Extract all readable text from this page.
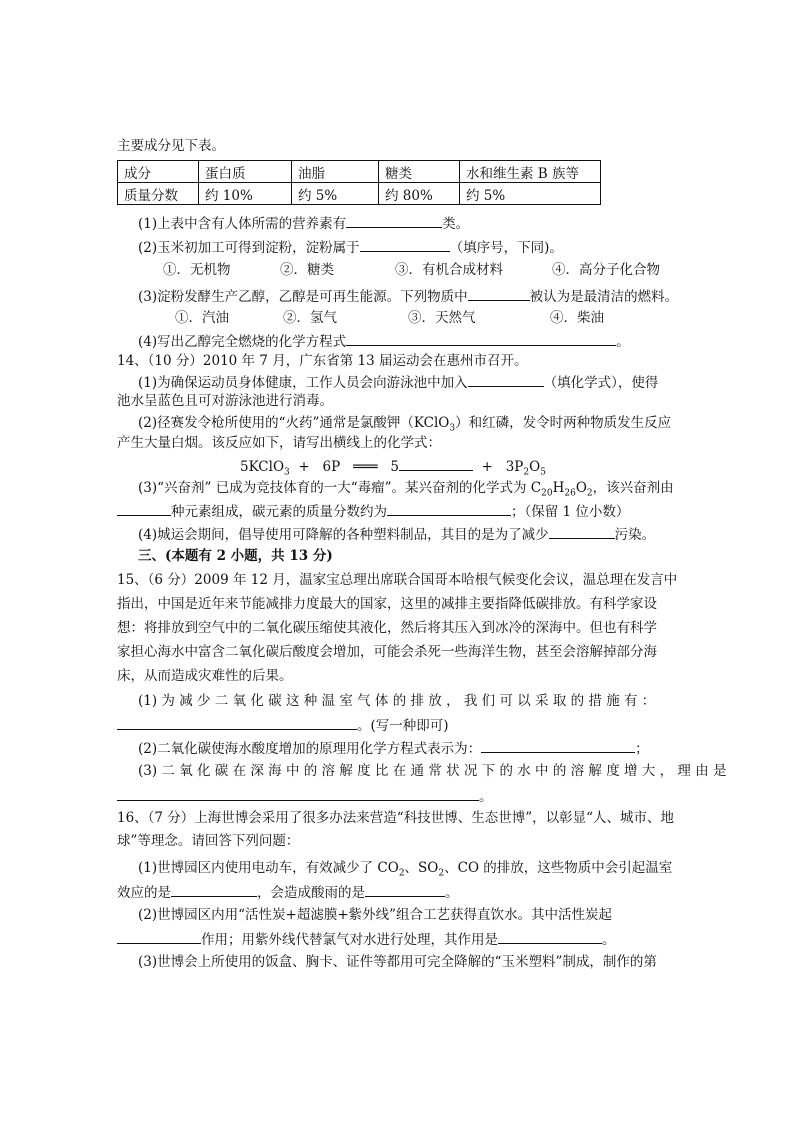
主要成分见下表。
成分	蛋白质	油脂	糖类	水和维生素 B 族等
质量分数	约 10%	约 5%	约 80%	约 5%
(1)上表中含有人体所需的营养素有	类。
(2)玉米初加工可得到淀粉，淀粉属于	（填序号，下同)。
①．无机物	②．糖类	③．有机合成材料	④．高分子化合物
(3)淀粉发酵生产乙醇，乙醇是可再生能源。下列物质中	被认为是最清洁的燃料。
①．汽油	②．氢气	③．天然气	④．柴油
(4)写出乙醇完全燃烧的化学方程式	。
14、（10 分）2010 年 7 月，广东省第 13 届运动会在惠州市召开。
(1)为确保运动员身体健康，工作人员会向游泳池中加入	（填化学式），使得
池水呈蓝色且可对游泳池进行消毒。
(2)径赛发令枪所使用的“火药”通常是氯酸钾（KClO$_3$）和红磷，发令时两种物质发生反应
产生大量白烟。该反应如下，请写出横线上的化学式：
5KClO$_3$  +   6P   ═══   5	+   $3P_2O_5$
(3)“兴奋剂” 已成为竞技体育的一大“毒瘤”。某兴奋剂的化学式为 $C_{20}H_{26}O_2$，该兴奋剂由
种元素组成，碳元素的质量分数约为	；（保留 1 位小数）
(4)城运会期间，倡导使用可降解的各种塑料制品，其目的是为了减少	污染。
三、(本题有 2 小题，共 13 分)
15、（6 分）2009 年 12 月，温家宝总理出席联合国哥本哈根气候变化会议，温总理在发言中
指出，中国是近年来节能减排力度最大的国家，这里的减排主要指降低碳排放。有科学家设
想：将排放到空气中的二氧化碳压缩使其液化，然后将其压入到冰冷的深海中。但也有科学
家担心海水中富含二氧化碳后酸度会增加，可能会杀死一些海洋生物，甚至会溶解掉部分海
床，从而造成灾难性的后果。
(1) 为 减 少 二 氧 化 碳 这 种 温 室 气 体 的 排 放 ， 我 们 可 以 采 取 的 措 施 有 ：
。(写一种即可)
(2)二氧化碳使海水酸度增加的原理用化学方程式表示为：	；
(3) 二 氧 化 碳 在 深 海 中 的 溶 解 度 比 在 通 常 状 况 下 的 水 中 的 溶 解 度 增 大 ， 理 由 是
。
16、（7 分）上海世博会采用了很多办法来营造“科技世博、生态世博”，以彰显“人、城市、地
球”等理念。请回答下列问题：
(1)世博园区内使用电动车，有效减少了 $CO_2$、$SO_2$、CO 的排放，这些物质中会引起温室
效应的是	，会造成酸雨的是	。
(2)世博园区内用“活性炭+超滤膜+紫外线”组合工艺获得直饮水。其中活性炭起
作用；用紫外线代替氯气对水进行处理，其作用是	。
(3)世博会上所使用的饭盒、胸卡、证件等都用可完全降解的“玉米塑料”制成，制作的第
